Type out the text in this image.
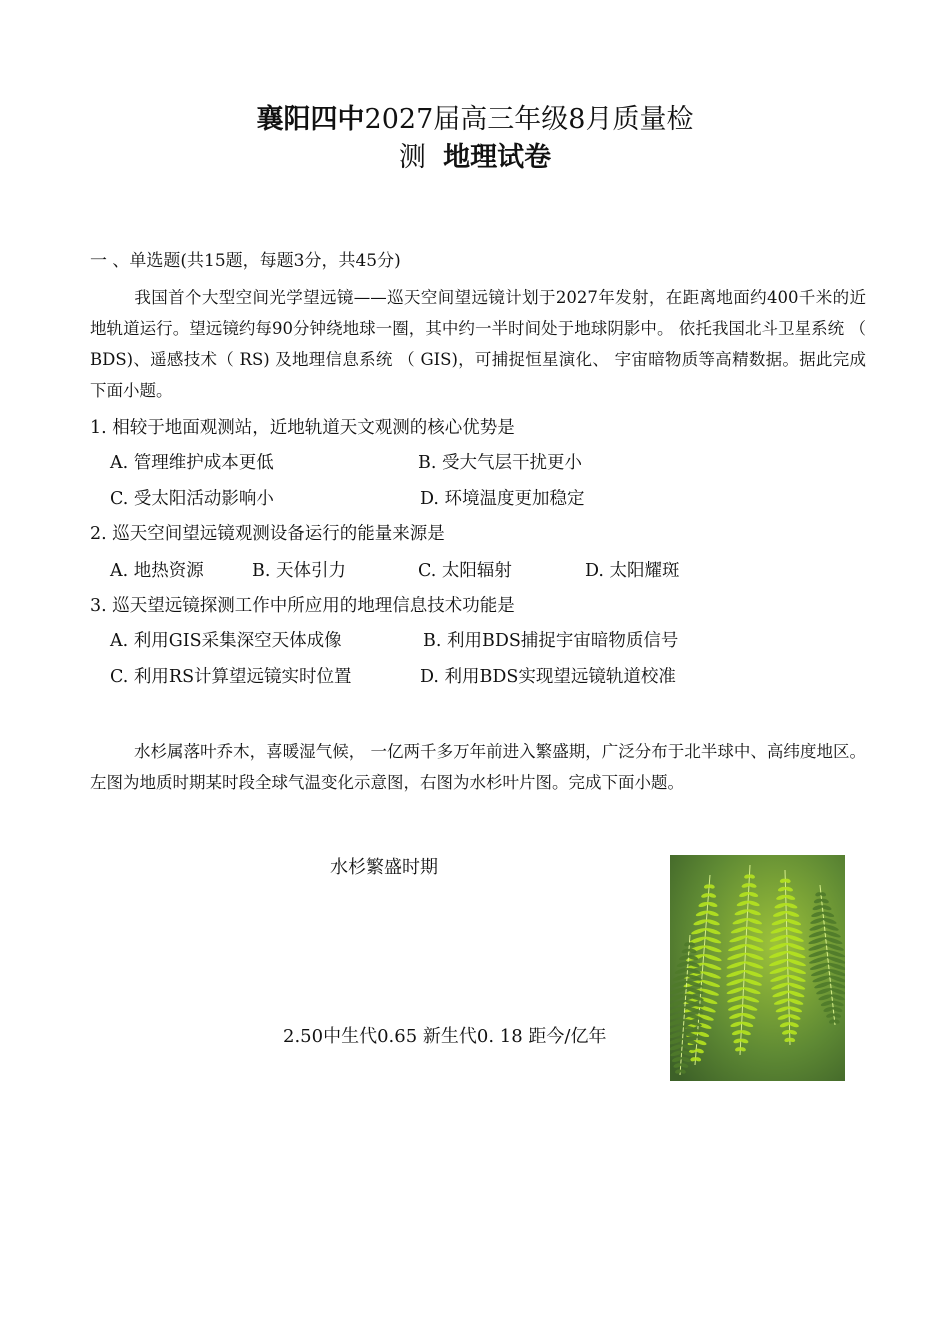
襄阳四中2027届高三年级8月质量检
测 地理试卷
一 、单选题(共15题，每题3分，共45分)
我国首个大型空间光学望远镜——巡天空间望远镜计划于2027年发射，在距离地面约400千米的近地轨道运行。望远镜约每90分钟绕地球一圈，其中约一半时间处于地球阴影中。 依托我国北斗卫星系统 （ BDS)、遥感技术（ RS) 及地理信息系统 （ GIS)，可捕捉恒星演化、 宇宙暗物质等高精数据。据此完成下面小题。
1. 相较于地面观测站，近地轨道天文观测的核心优势是
A. 管理维护成本更低	B. 受大气层干扰更小
C. 受太阳活动影响小	D. 环境温度更加稳定
2. 巡天空间望远镜观测设备运行的能量来源是
A. 地热资源	B. 天体引力	C. 太阳辐射	D. 太阳耀斑
3. 巡天望远镜探测工作中所应用的地理信息技术功能是
A. 利用GIS采集深空天体成像	B. 利用BDS捕捉宇宙暗物质信号
C. 利用RS计算望远镜实时位置	D. 利用BDS实现望远镜轨道校准
水杉属落叶乔木，喜暖湿气候， 一亿两千多万年前进入繁盛期，广泛分布于北半球中、高纬度地区。左图为地质时期某时段全球气温变化示意图，右图为水杉叶片图。完成下面小题。
水杉繁盛时期
2.50中生代0.65 新生代0. 18 距今/亿年
